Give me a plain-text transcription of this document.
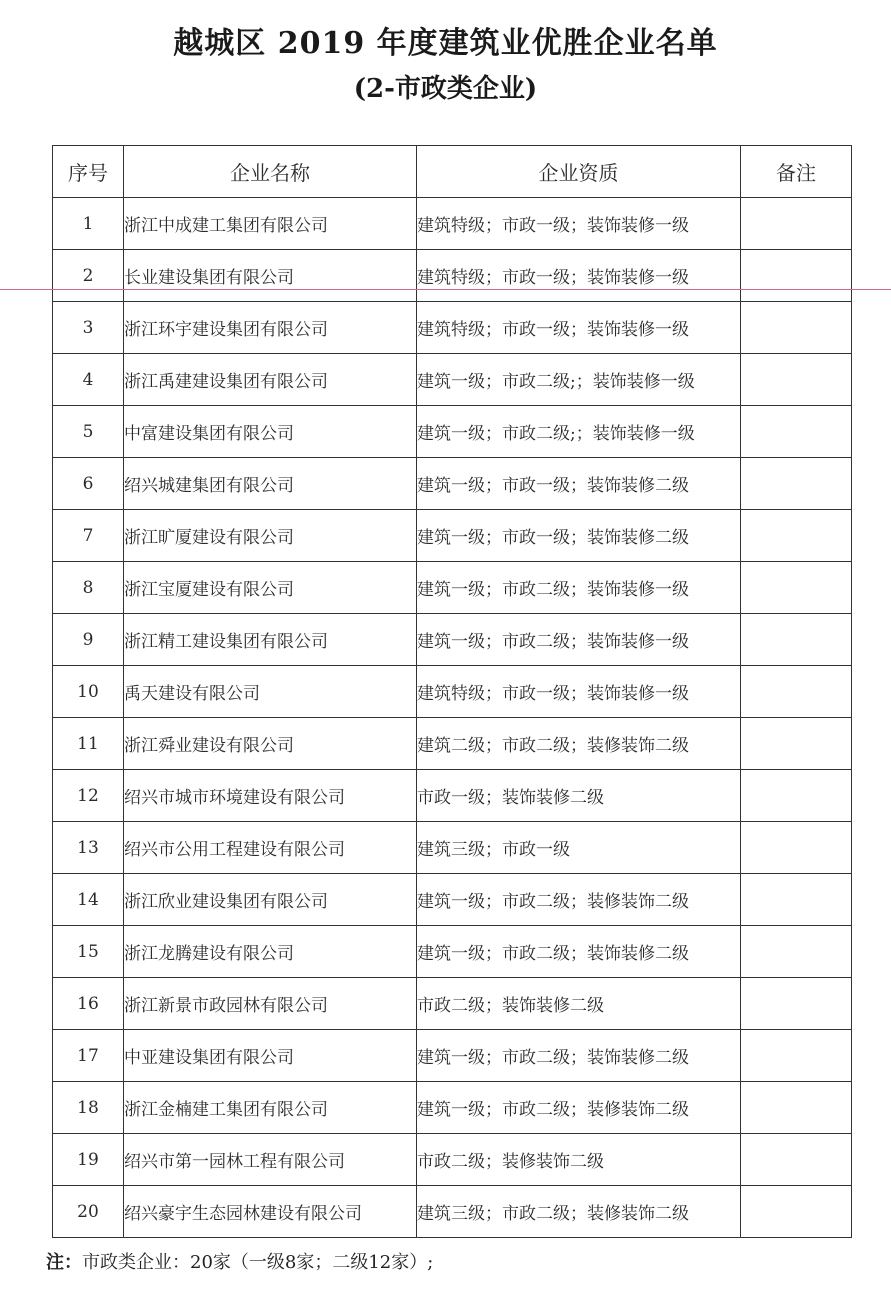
越城区 2019 年度建筑业优胜企业名单
(2-市政类企业)
序号	企业名称	企业资质	备注
1	浙江中成建工集团有限公司	建筑特级；市政一级；装饰装修一级	
2	长业建设集团有限公司	建筑特级；市政一级；装饰装修一级	
3	浙江环宇建设集团有限公司	建筑特级；市政一级；装饰装修一级	
4	浙江禹建建设集团有限公司	建筑一级；市政二级;；装饰装修一级	
5	中富建设集团有限公司	建筑一级；市政二级;；装饰装修一级	
6	绍兴城建集团有限公司	建筑一级；市政一级；装饰装修二级	
7	浙江旷厦建设有限公司	建筑一级；市政一级；装饰装修二级	
8	浙江宝厦建设有限公司	建筑一级；市政二级；装饰装修一级	
9	浙江精工建设集团有限公司	建筑一级；市政二级；装饰装修一级	
10	禹天建设有限公司	建筑特级；市政一级；装饰装修一级	
11	浙江舜业建设有限公司	建筑二级；市政二级；装修装饰二级	
12	绍兴市城市环境建设有限公司	市政一级；装饰装修二级	
13	绍兴市公用工程建设有限公司	建筑三级；市政一级	
14	浙江欣业建设集团有限公司	建筑一级；市政二级；装修装饰二级	
15	浙江龙腾建设有限公司	建筑一级；市政二级；装饰装修二级	
16	浙江新景市政园林有限公司	市政二级；装饰装修二级	
17	中亚建设集团有限公司	建筑一级；市政二级；装饰装修二级	
18	浙江金楠建工集团有限公司	建筑一级；市政二级；装修装饰二级	
19	绍兴市第一园林工程有限公司	市政二级；装修装饰二级	
20	绍兴豪宇生态园林建设有限公司	建筑三级；市政二级；装修装饰二级	
注：市政类企业：20家（一级8家；二级12家）;
